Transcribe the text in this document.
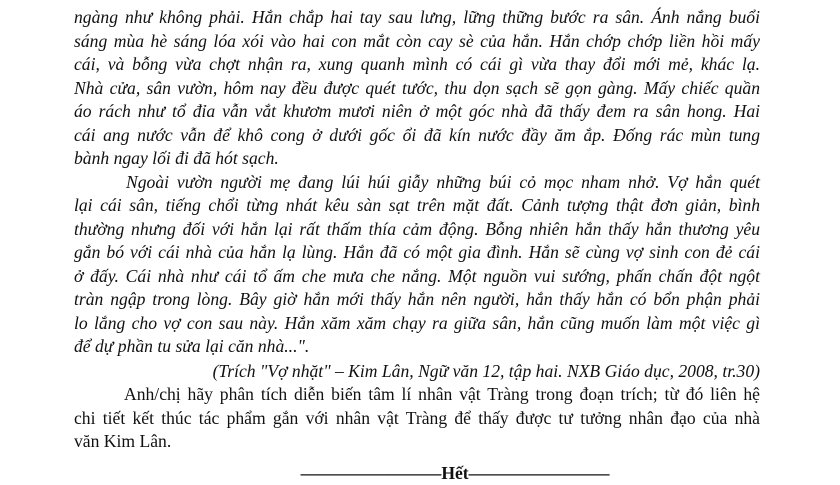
ngàng như không phải. Hắn chắp hai tay sau lưng, lững thững bước ra sân. Ánh nắng buổi
sáng mùa hè sáng lóa xói vào hai con mắt còn cay sè của hắn. Hắn chớp chớp liền hồi mấy
cái, và bỗng vừa chợt nhận ra, xung quanh mình có cái gì vừa thay đổi mới mẻ, khác lạ.
Nhà cửa, sân vườn, hôm nay đều được quét tước, thu dọn sạch sẽ gọn gàng. Mấy chiếc quần
áo rách như tổ đỉa vẫn vắt khươm mươi niên ở một góc nhà đã thấy đem ra sân hong. Hai
cái ang nước vẫn để khô cong ở dưới gốc ổi đã kín nước đầy ăm ắp. Đống rác mùn tung
bành ngay lối đi đã hót sạch.
Ngoài vườn người mẹ đang lúi húi giẫy những búi cỏ mọc nham nhở. Vợ hắn quét
lại cái sân, tiếng chổi từng nhát kêu sàn sạt trên mặt đất. Cảnh tượng thật đơn giản, bình
thường nhưng đối với hắn lại rất thấm thía cảm động. Bỗng nhiên hắn thấy hắn thương yêu
gắn bó với cái nhà của hắn lạ lùng. Hắn đã có một gia đình. Hắn sẽ cùng vợ sinh con đẻ cái
ở đấy. Cái nhà như cái tổ ấm che mưa che nắng. Một nguồn vui sướng, phấn chấn đột ngột
tràn ngập trong lòng. Bây giờ hắn mới thấy hắn nên người, hắn thấy hắn có bổn phận phải
lo lắng cho vợ con sau này. Hắn xăm xăm chạy ra giữa sân, hắn cũng muốn làm một việc gì
để dự phần tu sửa lại căn nhà...".
(Trích "Vợ nhặt" – Kim Lân, Ngữ văn 12, tập hai. NXB Giáo dục, 2008, tr.30)
Anh/chị hãy phân tích diễn biến tâm lí nhân vật Tràng trong đoạn trích; từ đó liên hệ
chi tiết kết thúc tác phẩm gắn với nhân vật Tràng để thấy được tư tưởng nhân đạo của nhà
văn Kim Lân.
————————Hết————————
